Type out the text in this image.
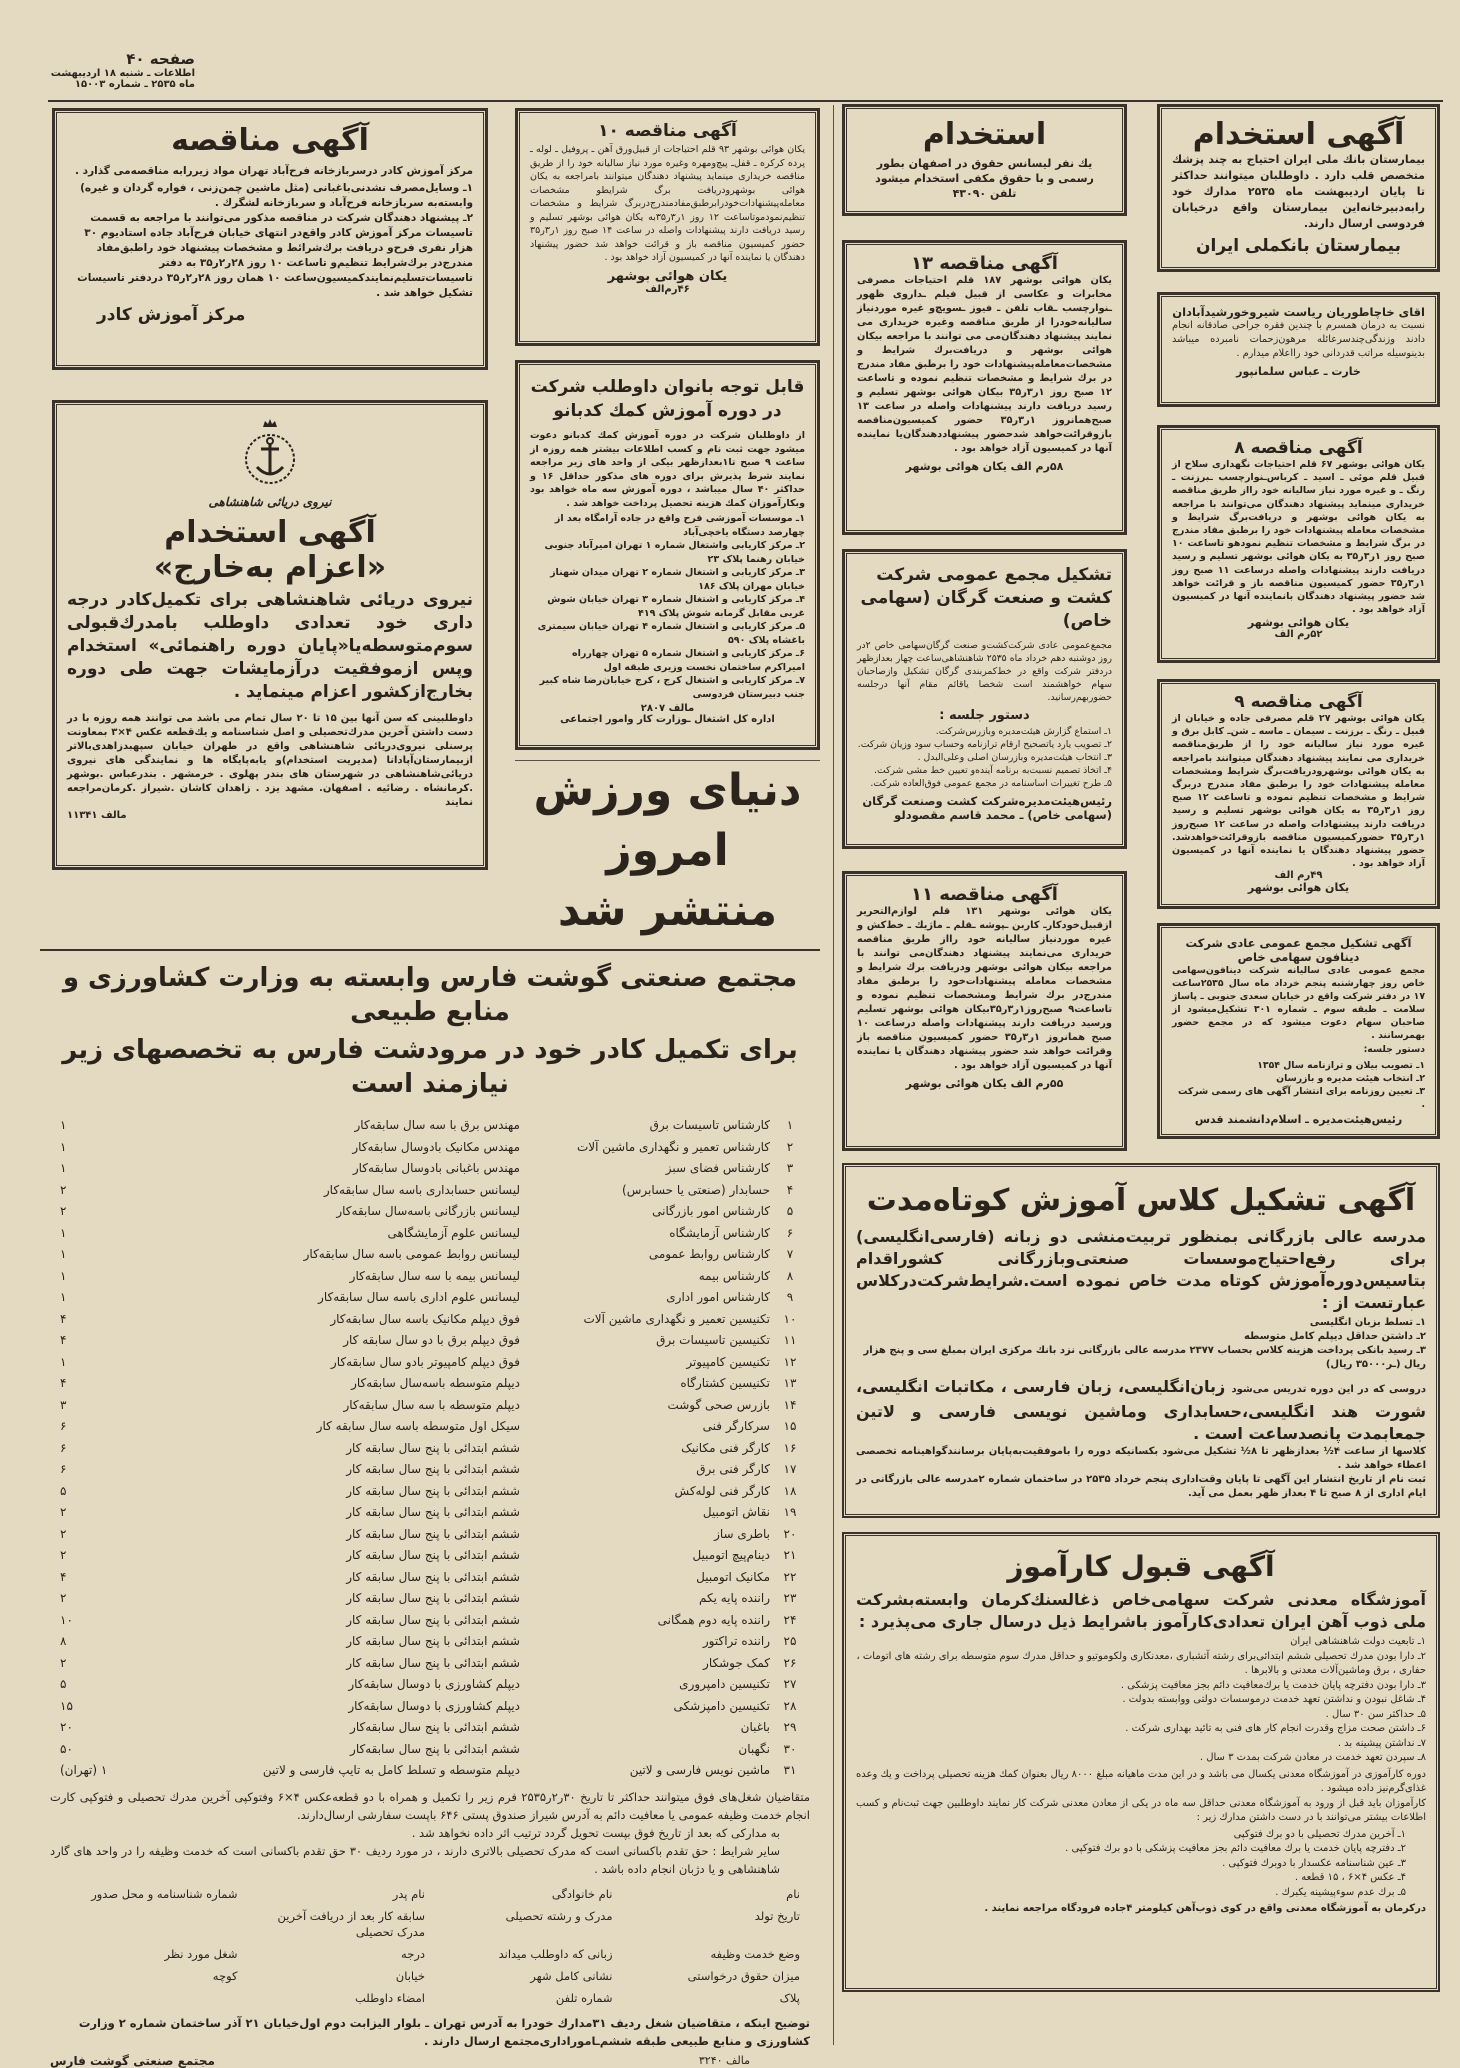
صفحه ۴۰
اطلاعات ـ شنبه ۱۸ اردیبهشت
ماه ۲۵۳۵ ـ شماره ۱۵۰۰۳
آگهی مناقصه
مرکز آموزش کادر درسربازخانه فرح‌آباد تهران مواد زیررابه مناقصه‌می گذارد .
۱ـ وسایل‌مصرف نشدنی‌باغبانی (مثل ماشین چمن‌زنی ، فواره گردان و غیره) وابسته‌به سربازخانه فرح‌آباد و سربازخانه لشگرك .
۲ـ پیشنهاد دهندگان شرکت در مناقصه مذکور می‌توانند با مراجعه به قسمت تاسیسات مرکز آموزش کادر واقع‌در انتهای خیابان فرح‌آباد جاده استادیوم ۳۰ هزار نفری فرح‌و دریافت برك‌شرائط و مشخصات پیشنهاد خود راطبق‌مفاد مندرج‌در برك‌شرایط تنظیم‌و تاساعت ۱۰ روز ۲۸ر۲ر۳۵ به دفتر تاسیسات‌تسلیم‌نمایندکمیسیون‌ساعت ۱۰ همان روز ۲۸ر۲ر۳۵ دردفتر تاسیسات تشکیل خواهد شد .
مرکز آموزش کادر
نیروی دریائی شاهنشاهی
آگهی استخدام
«اعزام به‌خارج»
نیروی دریائی شاهنشاهی برای تکمیل‌کادر درجه داری خود تعدادی داوطلب بامدرك‌قبولی سوم‌متوسطه‌یا«پایان دوره راهنمائی» استخدام وپس ازموفقیت درآزمایشات جهت طی دوره بخارج‌ازکشور اعزام مینماید .
داوطلبینی که سن آنها بین ۱۵ تا ۲۰ سال تمام می باشد می توانند همه روزه با در دست داشتن آخرین مدرك‌تحصیلی و اصل شناسنامه و یك‌قطعه عکس ۴×۳ بمعاونت پرسنلی نیروی‌دریائی شاهنشاهی واقع در طهران خیابان سپهبدزاهدی‌بالاتر ازبیمارستان‌آپادانا (مدیریت استخدام)و یابه‌پایگاه ها و نمایندگی های نیروی دریائی‌شاهنشاهی در شهرستان های بندر پهلوی . خرمشهر . بندرعباس .بوشهر .کرمانشاه . رضائیه . اصفهان. مشهد یزد . زاهدان کاشان .شیراز .کرمان‌مراجعه نمایند
مالف ۱۱۳۴۱
آگهی مناقصه ۱۰
یکان هوائی بوشهر ۹۳ قلم احتیاجات از قبیل‌ورق آهن ـ پروفیل ـ لوله ـ پرده کرکره ـ قفل‌ـ پیچ‌ومهره وغیره مورد نیاز سالیانه خود را از طریق مناقصه خریداری مینماید پیشنهاد دهندگان میتوانند بامراجعه به یکان هوائی بوشهرودریافت برگ شرایطو مشخصات معامله‌پیشنهادات‌خودرابرطبق‌مفادمندرج‌دربرگ شرایط و مشخصات تنظیم‌نمودموتاساعت ۱۲ روز ۱ر۳ر۳۵به یکان هوائی بوشهر تسلیم و رسید دریافت دارند پیشنهادات واصله در ساعت ۱۴ صبح روز ۱ر۳ر۳۵ حضور کمیسیون مناقصه باز و قرائت خواهد شد حضور پیشنهاد دهندگان یا نماینده آنها در کمیسیون آزاد خواهد بود .
یکان هوائی بوشهر
۴۶رم‌الف
قابل توجه بانوان داوطلب شرکت در دوره آموزش کمك کدبانو
از داوطلبان شرکت در دوره آموزش کمك کدبانو دعوت میشود جهت ثبت نام و کسب اطلاعات بیشتر همه روزه از ساعت ۹ صبح تا۱بعدازظهر بیکی از واحد های زیر مراجعه نمایند شرط پذیرش برای دوره های مذکور حداقل ۱۶ و حداکثر ۴۰ سال میباشد ، دوره آموزش سه ماه خواهد بود وبکارآموزان کمك هزینه تحصیل پرداخت خواهد شد .
۱ـ موسسات آموزشی فرح واقع در جاده آرامگاه بعد از چهارصد دستگاه یاخچی‌آباد
۲ـ مرکز کاریابی واشتغال شماره ۱ تهران امیرآباد جنوبی خیابان رهنما پلاک ۲۳
۳ـ مرکز کاریابی و اشتغال شماره ۲ تهران میدان شهناز خیابان مهران پلاک ۱۸۶
۴ـ مرکز کاریابی و اشتغال شماره ۳ تهران خیابان شوش غربی مقابل گرمابه شوش پلاک ۴۱۹
۵ـ مرکز کاریابی و اشتغال شماره ۴ تهران خیابان سیمتری باغشاه پلاک ۵۹۰
۶ـ مرکز کاریابی و اشتغال شماره ۵ تهران چهارراه امیراکرم ساختمان نخست وزیری طبقه اول
۷ـ مرکز کاریابی و اشتغال کرج ، کرج خیابان‌رضا شاه کبیر جنب دبیرستان فردوسی
مالف ۲۸۰۷
اداره کل اشتغال ـوزارت کار وامور اجتماعی
دنیای ورزش امروز
منتشر شد
مجتمع صنعتی گوشت فارس وابسته به وزارت کشاورزی و منابع طبیعی
برای تکمیل کادر خود در مرودشت فارس به تخصصهای زیر نیازمند است
۱
کارشناس تاسیسات برق
مهندس برق با سه سال سابقه‌کار
۱
۲
کارشناس تعمیر و نگهداری ماشین آلات
مهندس مکانیک بادوسال سابقه‌کار
۱
۳
کارشناس فضای سبز
مهندس باغبانی بادوسال سابقه‌کار
۱
۴
حسابدار (صنعتی یا حسابرس)
لیسانس حسابداری باسه سال سابقه‌کار
۲
۵
کارشناس امور بازرگانی
لیسانس بازرگانی باسه‌سال سابقه‌کار
۲
۶
کارشناس آزمایشگاه
لیسانس علوم آزمایشگاهی
۱
۷
کارشناس روابط عمومی
لیسانس روابط عمومی باسه سال سابقه‌کار
۱
۸
کارشناس بیمه
لیسانس بیمه با سه سال سابقه‌کار
۱
۹
کارشناس امور اداری
لیسانس علوم اداری باسه سال سابقه‌کار
۱
۱۰
تکنیسین تعمیر و نگهداری ماشین آلات
فوق دیپلم مکانیک باسه سال سابقه‌کار
۴
۱۱
تکنیسین تاسیسات برق
فوق دیپلم برق با دو سال سابقه کار
۴
۱۲
تکنیسین کامپیوتر
فوق دیپلم کامپیوتر بادو سال سابقه‌کار
۱
۱۳
تکنیسین کشتارگاه
دیپلم متوسطه باسه‌سال سابقه‌کار
۴
۱۴
بازرس صحی گوشت
دیپلم متوسطه با سه سال سابقه‌کار
۳
۱۵
سرکارگر فنی
سیکل اول متوسطه باسه سال سابقه کار
۶
۱۶
کارگر فنی مکانیک
ششم ابتدائی با پنج سال سابقه کار
۶
۱۷
کارگر فنی برق
ششم ابتدائی با پنج سال سابقه کار
۶
۱۸
کارگر فنی لوله‌کش
ششم ابتدائی با پنج سال سابقه کار
۵
۱۹
نقاش اتومبیل
ششم ابتدائی با پنج سال سابقه کار
۲
۲۰
باطری ساز
ششم ابتدائی با پنج سال سابقه کار
۲
۲۱
دینام‌پیچ اتومبیل
ششم ابتدائی با پنج سال سابقه کار
۲
۲۲
مکانیک اتومبیل
ششم ابتدائی با پنج سال سابقه کار
۴
۲۳
راننده پایه یکم
ششم ابتدائی با پنج سال سابقه کار
۲
۲۴
راننده پایه دوم همگانی
ششم ابتدائی با پنج سال سابقه کار
۱۰
۲۵
راننده تراکتور
ششم ابتدائی با پنج سال سابقه کار
۸
۲۶
کمک جوشکار
ششم ابتدائی با پنج سال سابقه کار
۲
۲۷
تکنیسین دامپروری
دیپلم کشاورزی با دوسال سابقه‌کار
۵
۲۸
تکنیسین دامپزشکی
دیپلم کشاورزی با دوسال سابقه‌کار
۱۵
۲۹
باغبان
ششم ابتدائی با پنج سال سابقه‌کار
۲۰
۳۰
نگهبان
ششم ابتدائی با پنج سال سابقه‌کار
۵۰
۳۱
ماشین نویس فارسی و لاتین
دیپلم متوسطه و تسلط کامل به تایپ فارسی و لاتین
۱ (تهران)
متقاضیان شغل‌های فوق میتوانند حداکثر تا تاریخ ۳۰ر۲ر۲۵۳۵ فرم زیر را تکمیل و همراه با دو قطعه‌عکس ۴×۶ وفتوکپی آخرین مدرك تحصیلی و فتوکپی کارت انجام خدمت وظیفه عمومی یا معافیت دائم به آدرس شیراز صندوق پستی ۶۴۶ باپست سفارشی ارسال‌دارند.
به مدارکی که بعد از تاریخ فوق بپست تحویل گردد ترتیب اثر داده نخواهد شد .
سایر شرایط : حق تقدم باکسانی است که مدرک تحصیلی بالاتری دارند ، در مورد ردیف ۳۰ حق تقدم باکسانی است که خدمت وظیفه را در واحد های گارد شاهنشاهی و یا دژبان انجام داده باشد .
نام
نام خانوادگی
نام پدر
شماره شناسنامه و محل صدور
تاریخ تولد
مدرک و رشته تحصیلی
سابقه کار بعد از دریافت آخرین مدرک تحصیلی
وضع خدمت وظیفه
زبانی که داوطلب میداند
درجه
شغل مورد نظر
میزان حقوق درخواستی
نشانی کامل شهر
خیابان
کوچه
پلاک
شماره تلفن
امضاء داوطلب
توضیح اینکه ، متقاضیان شغل ردیف ۳۱مدارك خودرا به آدرس تهران ـ بلوار الیزابت دوم اول‌خیابان ۲۱ آذر ساختمان شماره ۲ وزارت کشاورزی و منابع طبیعی طبقه ششم‌ـاموراداری‌مجتمع ارسال دارند .
مالف ۳۲۴۰
مجتمع صنعتی گوشت فارس
استخدام
یك نفر لیسانس حقوق در اصفهان بطور رسمی و با حقوق مکفی استخدام میشود
تلفن ۴۳۰۹۰
آگهی مناقصه ۱۳
یکان هوائی بوشهر ۱۸۷ قلم احتیاجات مصرفی مخابرات و عکاسی از قبیل فیلم ـداروی ظهور ـنوارچسب ـقاب تلفن ـ فیوز ـسویچ‌و غیره موردنیاز سالیانه‌خودرا از طریق مناقصه وغیره خریداری می نمایند پیشنهاد دهندگان‌می می توانند با مراجعه بیکان هوائی بوشهر و دریافت‌برك شرایط و مشخصات‌معامله‌پیشنهادات خود را برطبق مفاد مندرج در برك شرایط و مشخصات تنظیم نموده و تاساعت ۱۲ صبح روز ۱ر۳ر۳۵ بیکان هوائی بوشهر تسلیم و رسید دریافت دارند پیشنهادات واصله در ساعت ۱۳ صبح‌همانروز ۱ر۳ر۳۵ حضور کمیسیون‌مناقصه بازوقرائت‌خواهد شدحضور پیشنهاددهندگان‌یا نماینده آنها در کمیسیون آزاد خواهد بود .
۵۸رم الف یکان هوائی بوشهر
تشکیل مجمع عمومی شرکت کشت و صنعت گرگان (سهامی خاص)
مجمع‌عمومی عادی شرکت‌کشت‌و صنعت گرگان‌سهامی خاص ۲در روز دوشنبه دهم خرداد ماه ۲۵۳۵ شاهنشاهی‌ساعت چهار بعدازظهر دردفتر شرکت واقع در خط‌کمربندی گرگان تشکیل وازصاحبان سهام خواهشمند است شخصا یاقائم مقام آنها درجلسه حضوربهم‌رسانید.
دستور جلسه :
۱ـ استماع گزارش هیئت‌مدیره وبازرس‌شرکت.
۲ـ تصویب یارد یاتصحیح ارقام ترازنامه وحساب سود وزیان شرکت.
۳ـ انتخاب هیئت‌مدیره وبازرسان اصلی وعلی‌البدل .
۴ـ اتخاذ تصمیم نسبت‌به برنامه آینده‌و تعیین خط مشی شرکت.
۵ـ طرح تغییرات اساسنامه در مجمع عمومی فوق‌العاده شرکت.
رئیس‌هیئت‌مدیره‌شرکت کشت وصنعت گرگان (سهامی خاص) ـ محمد قاسم مقصودلو
آگهی مناقصه ۱۱
یکان هوائی بوشهر ۱۳۱ قلم لوازم‌التحریر ازقبیل‌خود‌کارـ کاربن ـپوشه ـقلم ـ ماژیك ـ خط‌کش و غیره موردنیاز سالیانه خود رااز طریق مناقصه خریداری می‌نمایند پیشنهاد دهندگان‌می توانند با مراجعه بیکان هوائی بوشهر ودریافت برك شرایط و مشخصات معامله پیشنهادات‌خود را برطبق مفاد مندرج‌در برك شرایط ومشخصات تنظیم نموده و تاساعت۹ صبح‌روز۱ر۳ر۳۵بیکان هوائی بوشهر تسلیم ورسید دریافت دارند پیشنهادات واصله درساعت ۱۰ صبح همانروز ۱ر۳ر۳۵ حضور کمیسیون مناقصه باز وقرائت خواهد شد حضور پیشنهاد دهندگان یا نماینده آنها در کمیسیون آزاد خواهد بود .
۵۵رم الف یکان هوائی بوشهر
آگهی استخدام
بیمارستان بانك ملی ایران احتیاج به چند پزشك متخصص قلب دارد . داوطلبان میتوانند حداکثر تا پایان اردیبهشت ماه ۲۵۳۵ مدارك خود رابه‌دبیرخانه‌این بیمارستان واقع درخیابان فردوسی ارسال دارند.
بیمارستان بانکملی ایران
اقای خاچاطوریان ریاست شیروخورشیدآبادان
نسبت به درمان همسرم با چندین فقره جراحی صادقانه انجام دادند وزندگی‌چندسرعائله مرهون‌زحمات نامبرده میباشد بدینوسیله مراتب قدردانی خود رااعلام میدارم .
خارت ـ عباس سلمانپور
آگهی مناقصه ۸
یکان هوائی بوشهر ۶۷ قلم احتیاجات نگهداری سلاح از قبیل قلم موئی ـ اسید ـ کرباس‌ـنوارچسب ـبرزنت ـ رنگ ـ و غیره مورد نیاز سالیانه خود رااز طریق مناقصه خریداری مینماید پیشنهاد دهندگان می‌توانند با مراجعه به یکان هوائی بوشهر و دریافت‌برگ شرایط و مشخصات معامله پیشنهادات خود را برطبق مفاد مندرج در برگ شرایط و مشخصات تنظیم نمودهو تاساعت ۱۰ صبح روز ۱ر۳ر۳۵ به یکان هوائی بوشهر تسلیم و رسید دریافت دارند پیشنهادات واصله درساعت ۱۱ صبح روز ۱ر۳ر۳۵ حضور کمیسیون مناقصه باز و قرائت خواهد شد حضور پیشنهاد دهندگان بانماینده آنها در کمیسیون آزاد خواهد بود .
یکان هوائی بوشهر
۵۲رم الف
آگهی مناقصه ۹
یکان هوائی بوشهر ۲۷ قلم مصرفی جاده و خیابان از قبیل ـ رنگ ـ برزنت ـ سیمان ـ ماسه ـ شن‌ـ کابل برق و غیره مورد نیاز سالیانه خود را از طریق‌مناقصه خریداری می نمایند پیشنهاد دهندگان میتوانند بامراجعه به یکان هوائی بوشهرودریافت‌برگ شرایط ومشخصات معامله پیشنهادات خود را برطبق مفاد مندرج دربرگ شرایط و مشخصات تنظیم نموده و تاساعت ۱۲ صبح روز ۱ر۳ر۳۵ به یکان هوائی بوشهر تسلیم و رسید دریافت دارند پیشنهادات واصله در ساعت ۱۲ صبح‌روز ۱ر۳ر۳۵ حضورکمیسیون مناقصه بازوقرائت‌خواهدشد. حضور پیشنهاد دهندگان یا نماینده آنها در کمیسیون آزاد خواهد بود .
۴۹رم الف
یکان هوائی بوشهر
آگهی تشکیل مجمع عمومی عادی شرکت دینافون سهامی خاص
مجمع عمومی عادی سالیانه شرکت دینافون‌سهامی خاص روز چهارشنبه پنجم خرداد ماه سال ۲۵۳۵ساعت ۱۷ در دفتر شرکت واقع در خیابان سعدی جنوبی ـ پاساژ سلامت ـ طبقه سوم ـ شماره ۳۰۱ تشکیل‌میشود از صاحبان سهام دعوت میشود که در مجمع حضور بهمرسانند .
دستور جلسه:
۱ـ تصویب بیلان و ترازنامه سال ۱۳۵۴
۲ـ انتخاب هیئت مدیره و بازرسان
۳ـ تعیین روزنامه برای انتشار آگهی های رسمی شرکت .
رئیس‌هیئت‌مدیره ـ اسلام‌دانشمند قدس
آگهی تشکیل کلاس آموزش کوتاه‌مدت
مدرسه عالی بازرگانی بمنظور تربیت‌منشی دو زبانه (فارسی‌انگلیسی) برای رفع‌احتیاج‌موسسات صنعتی‌وبازرگانی کشوراقدام بتاسیس‌دوره‌آموزش کوتاه مدت خاص نموده است.شرایط‌شرکت‌درکلاس عبارتست از :
۱ـ تسلط بزبان انگلیسی
۲ـ داشتن حداقل دیپلم کامل متوسطه
۳ـ رسید بانکی پرداخت هزینه کلاس بحساب ۲۳۷۷ مدرسه عالی بازرگانی نزد بانك مرکزی ایران بمبلغ سی و پنج هزار ریال (ـر۳۵۰۰۰ ریال)
دروسی که در این دوره تدریس می‌شود زبان‌انگلیسی، زبان فارسی ، مکاتبات انگلیسی، شورت هند انگلیسی،حسابداری وماشین نویسی فارسی و لاتین جمعابمدت پانصدساعت است .
کلاسها از ساعت ۴½ بعدازظهر تا ۸½ تشکیل می‌شود بکسانیکه دوره را باموفقیت‌به‌پایان برسانندگواهینامه تخصصی اعطاء خواهد شد .
ثبت نام از تاریخ انتشار این آگهی تا پایان وقت‌اداری پنجم خرداد ۲۵۳۵ در ساختمان شماره ۲مدرسه عالی بازرگانی در ایام اداری از ۸ صبح تا ۴ بعداز ظهر بعمل می آید.
آگهی قبول کارآموز
آموزشگاه معدنی شرکت سهامی‌خاص ذغالسنك‌کرمان وابسته‌بشرکت ملی ذوب آهن ایران تعدادی‌کارآموز باشرایط ذیل درسال جاری می‌پذیرد :
۱ـ تابعیت دولت شاهنشاهی ایران
۲ـ دارا بودن مدرك تحصیلی ششم ابتدائی‌برای رشته آتشباری ،معدنکاری ولکوموتیو و حداقل مدرك سوم متوسطه برای رشته های اتومات ، حفاری ، برق وماشین‌آلات معدنی و بالابرها .
۳ـ دارا بودن دفترچه پایان خدمت یا برك‌معافیت دائم بجز معافیت پزشکی .
۴ـ شاغل نبودن و نداشتن تعهد خدمت درموسسات دولتی ووابسته بدولت .
۵ـ حداکثر سن ۳۰ سال .
۶ـ داشتن صحت مزاج وقدرت انجام کار های فنی به تائید بهداری شرکت .
۷ـ نداشتن پیشینه بد .
۸ـ سپردن تعهد خدمت در معادن شرکت بمدت ۳ سال .
دوره کارآموزی در آموزشگاه معدنی یکسال می باشد و در این مدت ماهیانه مبلغ ۸۰۰۰ ریال بعنوان کمك هزینه تحصیلی پرداخت و یك وعده غذای‌گرم‌نیز داده میشود .
کارآموزان باید قبل از ورود به آموزشگاه معدنی حداقل سه ماه در یکی از معادن معدنی شرکت کار نمایند داوطلبین جهت ثبت‌نام و کسب اطلاعات بیشتر می‌توانند با در دست داشتن مدارك زیر :
۱ـ آخرین مدرك تحصیلی با دو برك فتوکپی
۲ـ دفترچه پایان خدمت یا برك معافیت دائم بجز معافیت پزشکی با دو برك فتوکپی .
۳ـ عین شناسنامه عکسدار با دوبرك فتوکپی .
۴ـ عکس ۴×۶ ، ۱۵ قطعه .
۵ـ برك عدم سوءپیشینه یکبرك .
درکرمان به آموزشگاه معدنی واقع در کوی ذوب‌آهن کیلومتر ۴جاده فرودگاه مراجعه نمایند .
